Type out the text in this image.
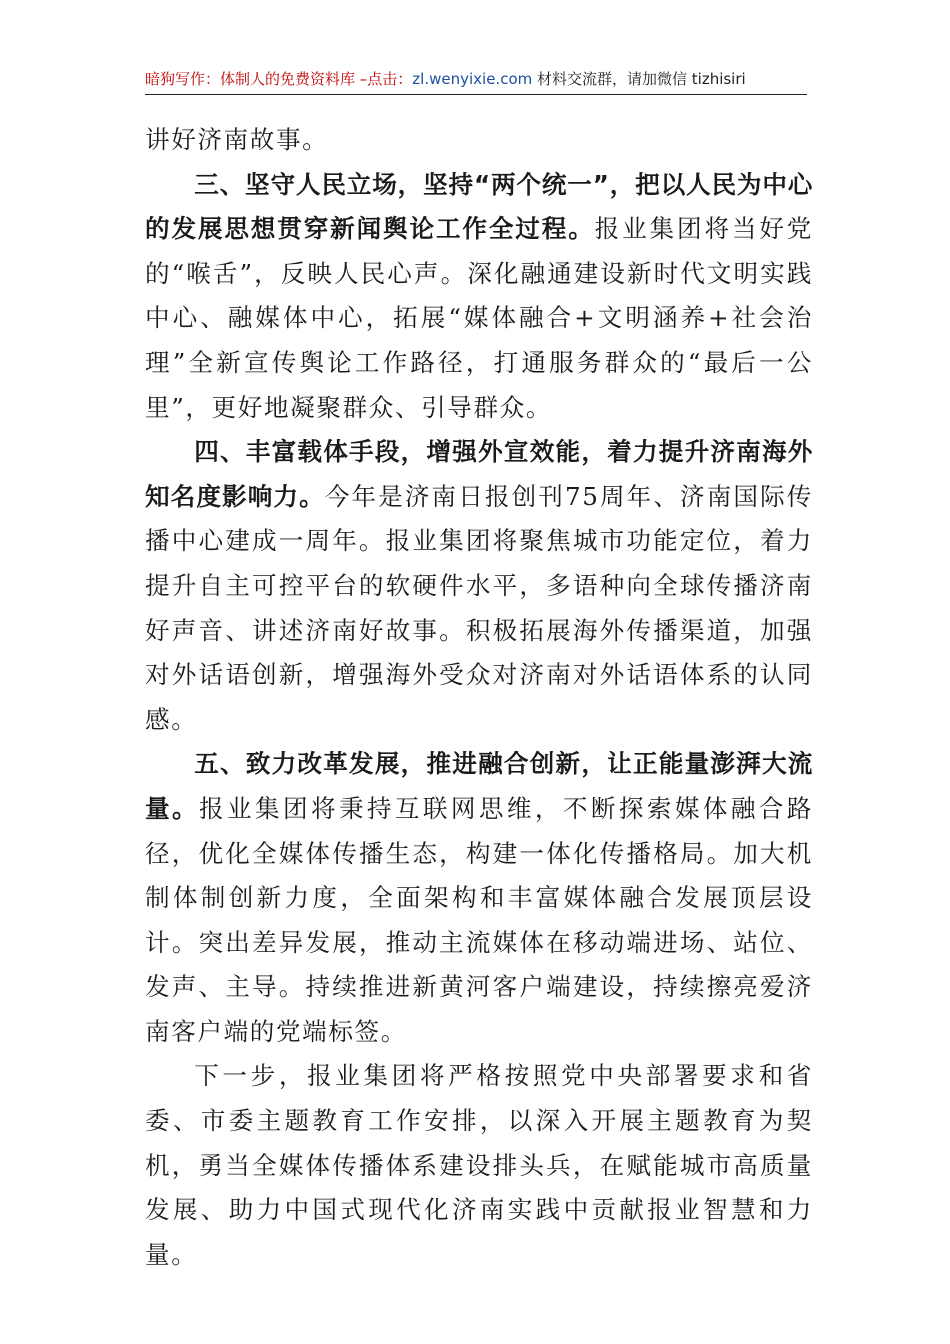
暗狗写作：体制人的免费资料库 –点击：zl.wenyixie.com 材料交流群，请加微信 tizhisiri

讲好济南故事。

三、坚守人民立场，坚持“两个统一”，把以人民为中心的发展思想贯穿新闻舆论工作全过程。报业集团将当好党的“喉舌”，反映人民心声。深化融通建设新时代文明实践中心、融媒体中心，拓展“媒体融合+文明涵养+社会治理”全新宣传舆论工作路径，打通服务群众的“最后一公里”，更好地凝聚群众、引导群众。

四、丰富载体手段，增强外宣效能，着力提升济南海外知名度影响力。今年是济南日报创刊75周年、济南国际传播中心建成一周年。报业集团将聚焦城市功能定位，着力提升自主可控平台的软硬件水平，多语种向全球传播济南好声音、讲述济南好故事。积极拓展海外传播渠道，加强对外话语创新，增强海外受众对济南对外话语体系的认同感。

五、致力改革发展，推进融合创新，让正能量澎湃大流量。报业集团将秉持互联网思维，不断探索媒体融合路径，优化全媒体传播生态，构建一体化传播格局。加大机制体制创新力度，全面架构和丰富媒体融合发展顶层设计。突出差异发展，推动主流媒体在移动端进场、站位、发声、主导。持续推进新黄河客户端建设，持续擦亮爱济南客户端的党端标签。

下一步，报业集团将严格按照党中央部署要求和省委、市委主题教育工作安排，以深入开展主题教育为契机，勇当全媒体传播体系建设排头兵，在赋能城市高质量发展、助力中国式现代化济南实践中贡献报业智慧和力量。
